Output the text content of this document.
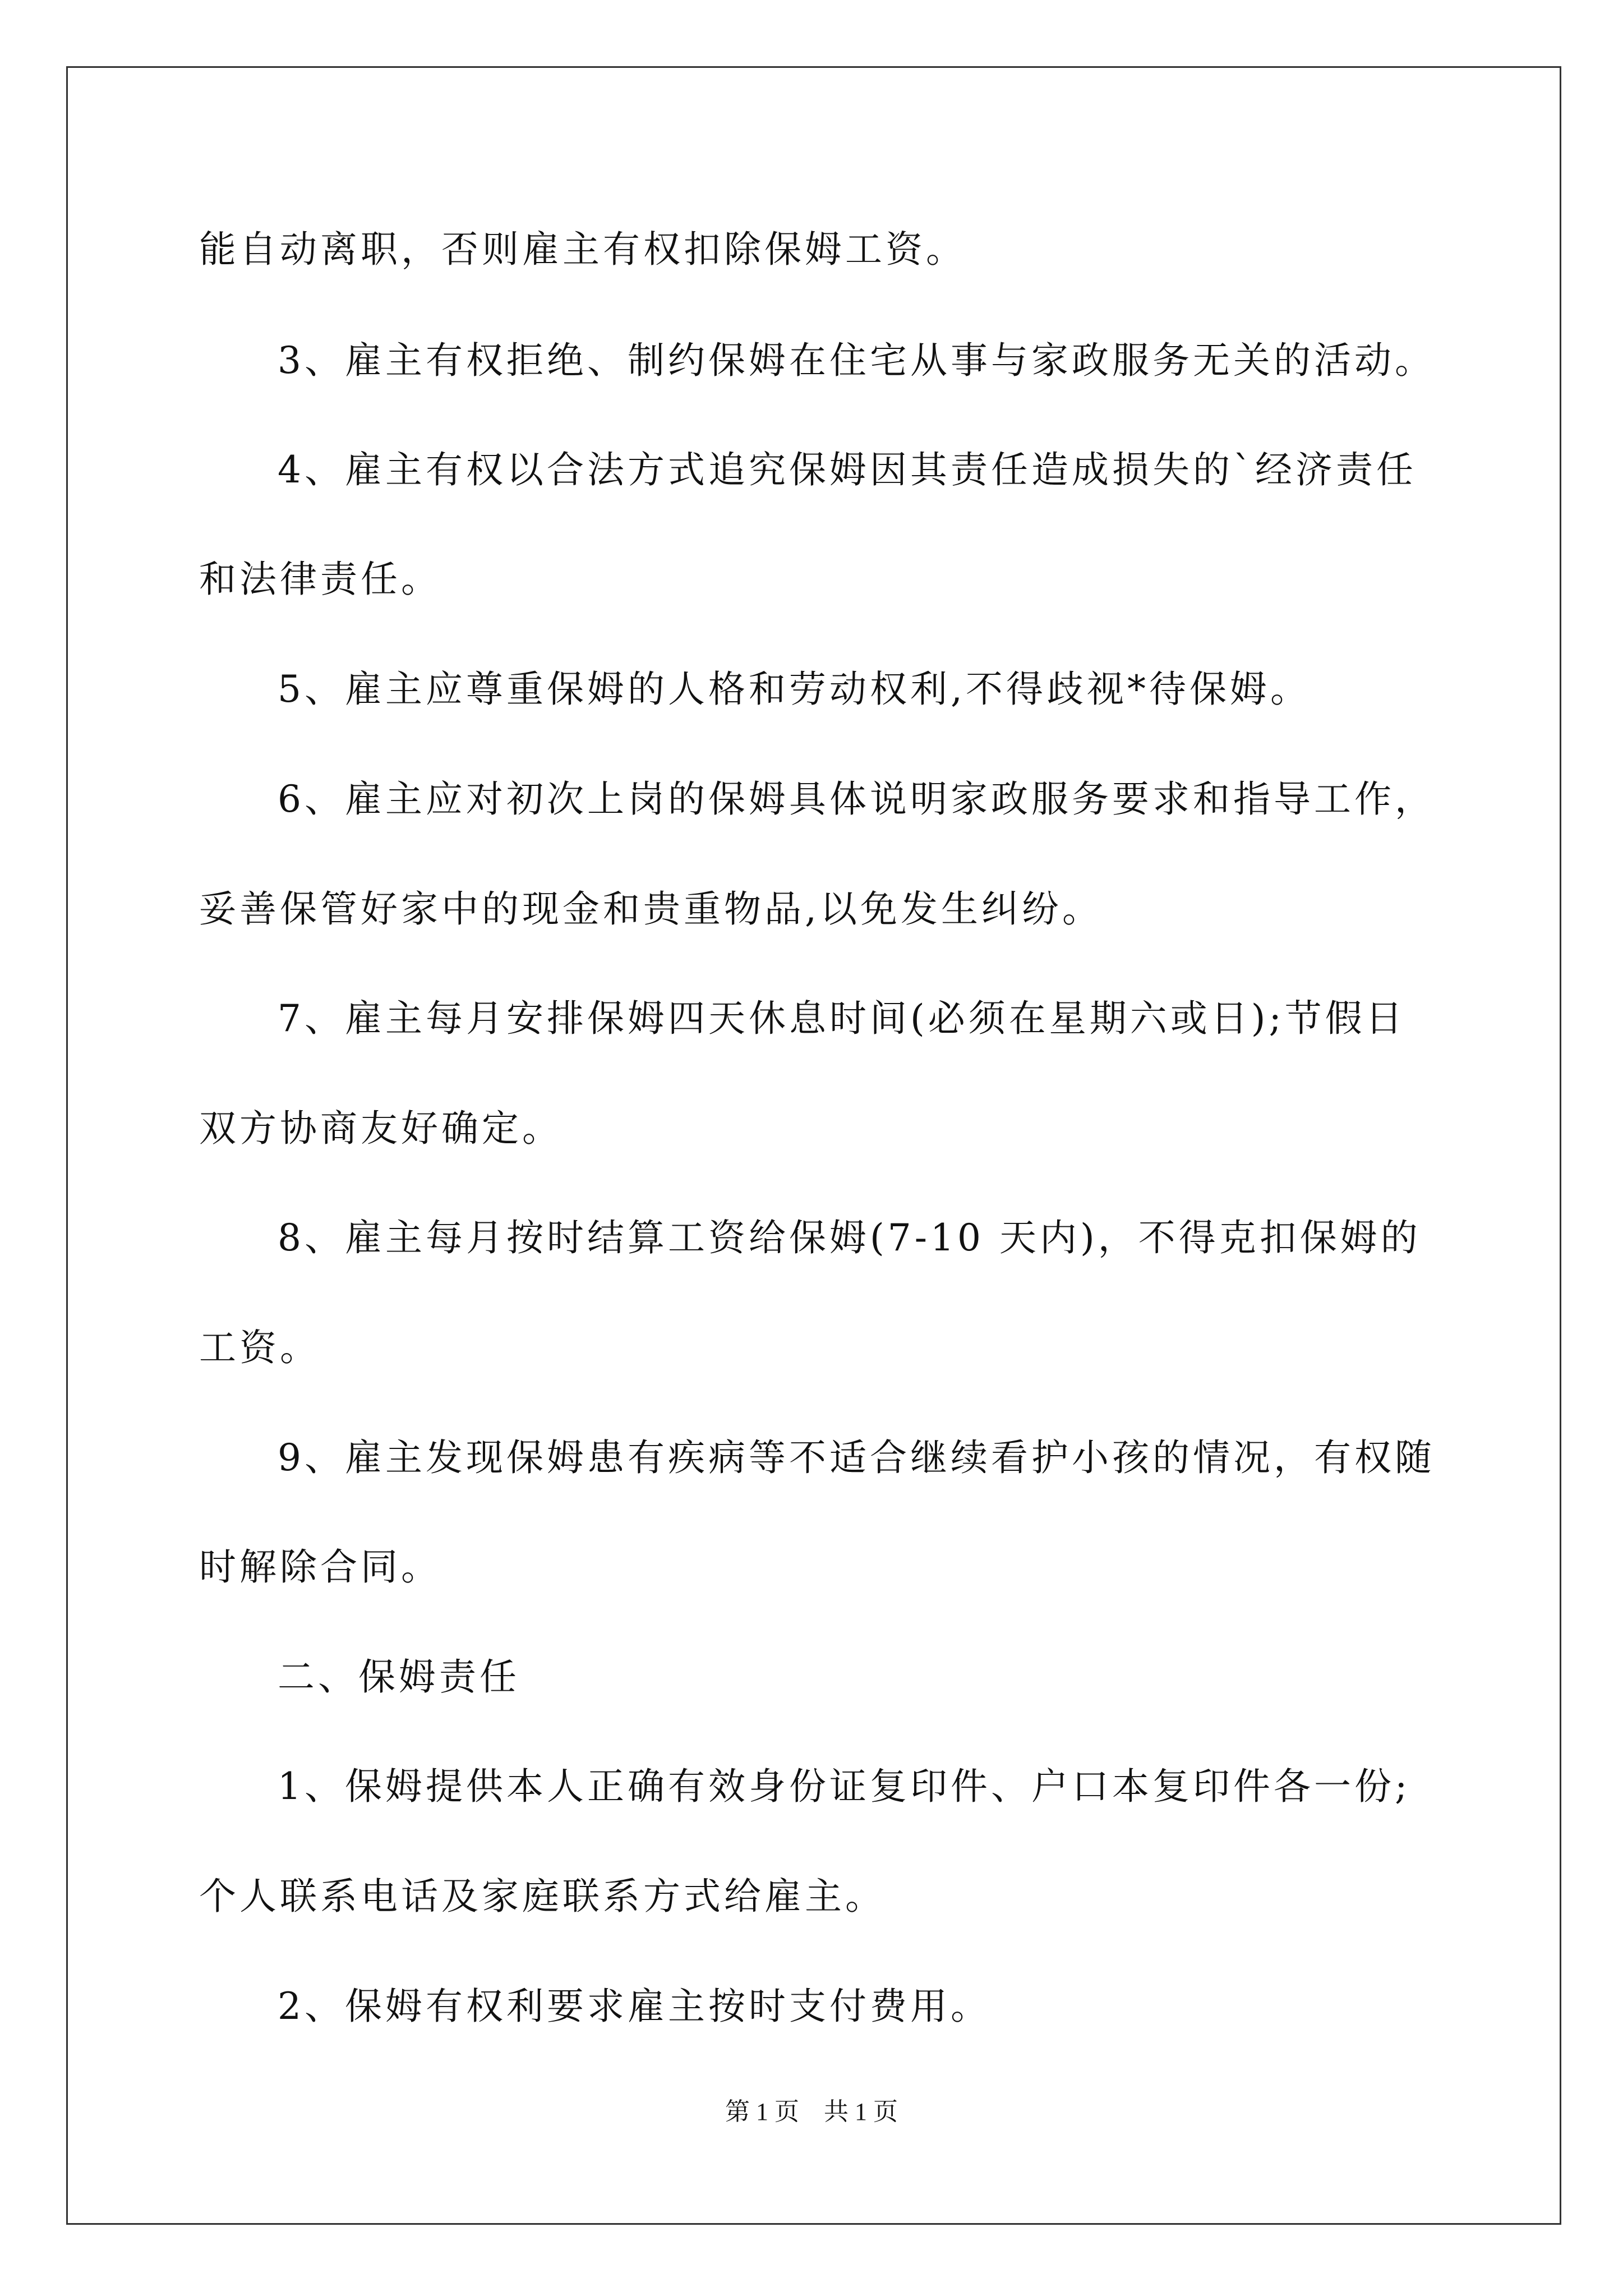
能自动离职，否则雇主有权扣除保姆工资。
3、雇主有权拒绝、制约保姆在住宅从事与家政服务无关的活动。
4、雇主有权以合法方式追究保姆因其责任造成损失的`经济责任
和法律责任。
5、雇主应尊重保姆的人格和劳动权利,不得歧视*待保姆。
6、雇主应对初次上岗的保姆具体说明家政服务要求和指导工作，
妥善保管好家中的现金和贵重物品,以免发生纠纷。
7、雇主每月安排保姆四天休息时间(必须在星期六或日);节假日
双方协商友好确定。
8、雇主每月按时结算工资给保姆(7-10 天内)，不得克扣保姆的
工资。
9、雇主发现保姆患有疾病等不适合继续看护小孩的情况，有权随
时解除合同。
二、保姆责任
1、保姆提供本人正确有效身份证复印件、户口本复印件各一份;
个人联系电话及家庭联系方式给雇主。
2、保姆有权利要求雇主按时支付费用。
第 1 页　共 1 页
